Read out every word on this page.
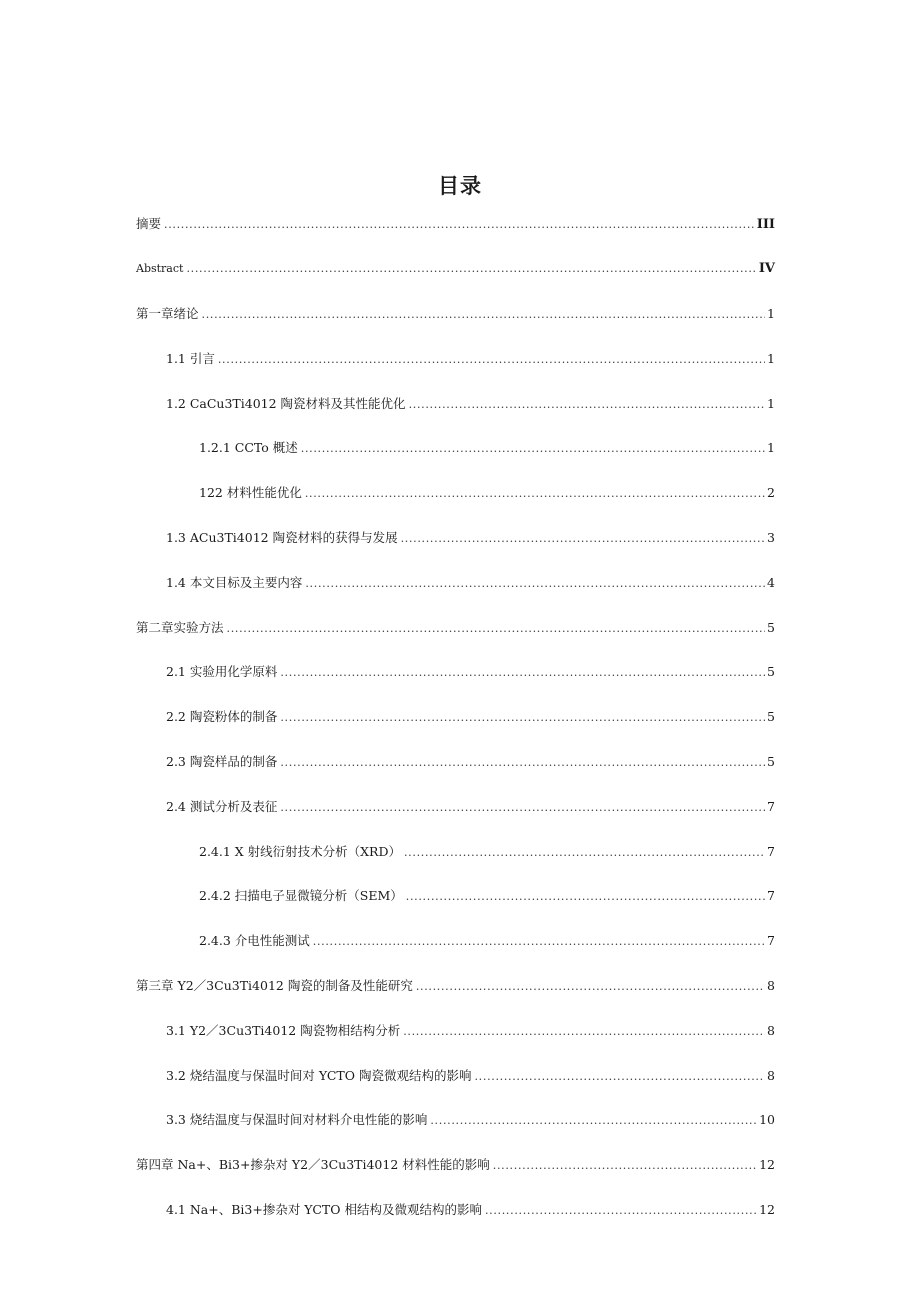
目录
摘要 . . .	III
Abstract . . .	IV
第一章绪论 . . .	1
1.1 引言 . . .	1
1.2 CaCu3Ti4012 陶瓷材料及其性能优化 . . .	1
1.2.1 CCTo 概述 . . .	1
122 材料性能优化 . . .	2
1.3 ACu3Ti4012 陶瓷材料的获得与发展 . . .	3
1.4 本文目标及主要内容 . . .	4
第二章实验方法 . . .	5
2.1 实验用化学原料 . . .	5
2.2 陶瓷粉体的制备 . . .	5
2.3 陶瓷样品的制备 . . .	5
2.4 测试分析及表征 . . .	7
2.4.1 X 射线衍射技术分析（XRD） . . .	7
2.4.2 扫描电子显微镜分析（SEM） . . .	7
2.4.3 介电性能测试 . . .	7
第三章 Y2／3Cu3Ti4012 陶瓷的制备及性能研究 . . .	8
3.1 Y2／3Cu3Ti4012 陶瓷物相结构分析 . . .	8
3.2 烧结温度与保温时间对 YCTO 陶瓷微观结构的影响 . . .	8
3.3 烧结温度与保温时间对材料介电性能的影响 . . .	10
第四章 Na+、Bi3+掺杂对 Y2／3Cu3Ti4012 材料性能的影响 . . .	12
4.1 Na+、Bi3+掺杂对 YCTO 相结构及微观结构的影响 . . .	12
